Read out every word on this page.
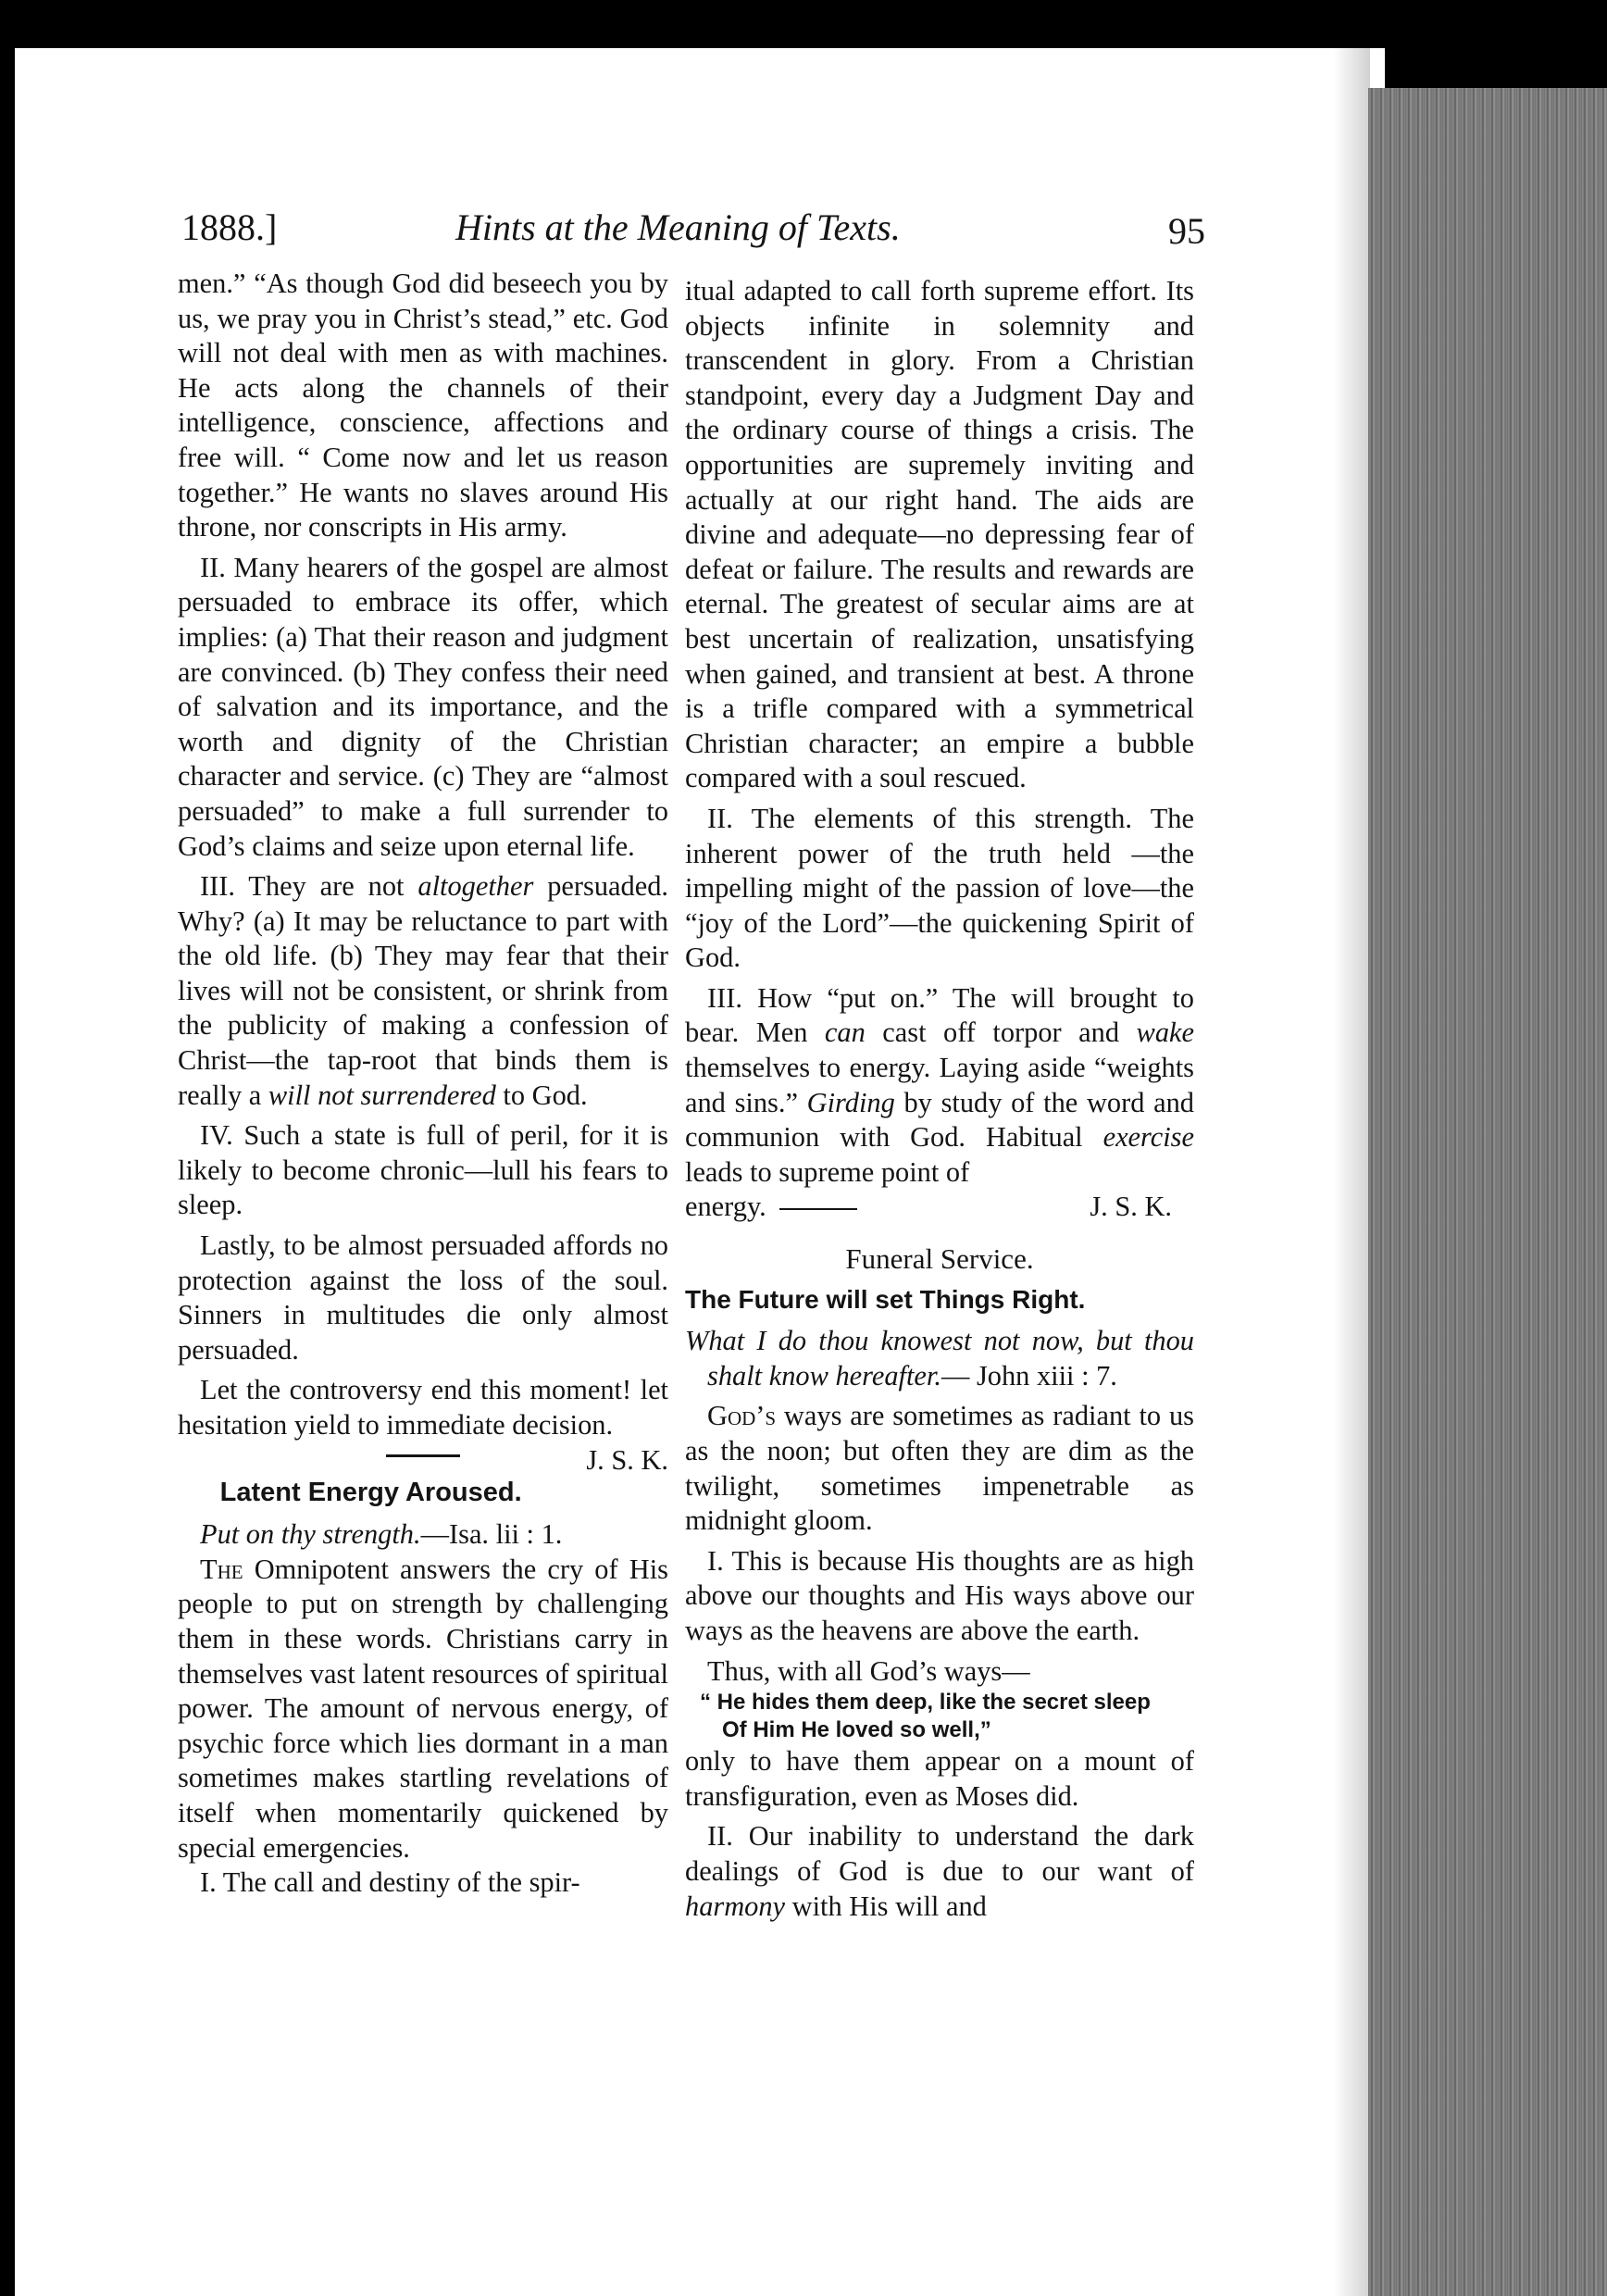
1888.]	Hints at the Meaning of Texts.	95

men.” “As though God did beseech you by us, we pray you in Christ’s stead,” etc. God will not deal with men as with machines. He acts along the channels of their intelligence, conscience, affections and free will. “ Come now and let us reason together.” He wants no slaves around His throne, nor conscripts in His army.

II. Many hearers of the gospel are almost persuaded to embrace its offer, which implies: (a) That their reason and judgment are convinced. (b) They confess their need of salvation and its importance, and the worth and dignity of the Christian character and service. (c) They are “almost persuaded” to make a full surrender to God’s claims and seize upon eternal life.

III. They are not altogether persuaded. Why? (a) It may be reluctance to part with the old life. (b) They may fear that their lives will not be consistent, or shrink from the publicity of making a confession of Christ—the tap-root that binds them is really a will not surrendered to God.

IV. Such a state is full of peril, for it is likely to become chronic—lull his fears to sleep.

Lastly, to be almost persuaded affords no protection against the loss of the soul. Sinners in multitudes die only almost persuaded.

Let the controversy end this moment! let hesitation yield to immediate decision.
J. S. K.

Latent Energy Aroused.

Put on thy strength.—Isa. lii : 1.

The Omnipotent answers the cry of His people to put on strength by challenging them in these words. Christians carry in themselves vast latent resources of spiritual power. The amount of nervous energy, of psychic force which lies dormant in a man sometimes makes startling revelations of itself when momentarily quickened by special emergencies.

I. The call and destiny of the spir-

itual adapted to call forth supreme effort. Its objects infinite in solemnity and transcendent in glory. From a Christian standpoint, every day a Judgment Day and the ordinary course of things a crisis. The opportunities are supremely inviting and actually at our right hand. The aids are divine and adequate—no depressing fear of defeat or failure. The results and rewards are eternal. The greatest of secular aims are at best uncertain of realization, unsatisfying when gained, and transient at best. A throne is a trifle compared with a symmetrical Christian character; an empire a bubble compared with a soul rescued.

II. The elements of this strength. The inherent power of the truth held —the impelling might of the passion of love—the “joy of the Lord”—the quickening Spirit of God.

III. How “put on.” The will brought to bear. Men can cast off torpor and wake themselves to energy. Laying aside “weights and sins.” Girding by study of the word and communion with God. Habitual exercise leads to supreme point of

energy.	J. S. K.

Funeral Service.
The Future will set Things Right.

What I do thou knowest not now, but thou shalt know hereafter.— John xiii : 7.

God’s ways are sometimes as radiant to us as the noon; but often they are dim as the twilight, sometimes impenetrable as midnight gloom.

I. This is because His thoughts are as high above our thoughts and His ways above our ways as the heavens are above the earth.

Thus, with all God’s ways—

“ He hides them deep, like the secret sleep
Of Him He loved so well,”

only to have them appear on a mount of transfiguration, even as Moses did.

II. Our inability to understand the dark dealings of God is due to our want of harmony with His will and
